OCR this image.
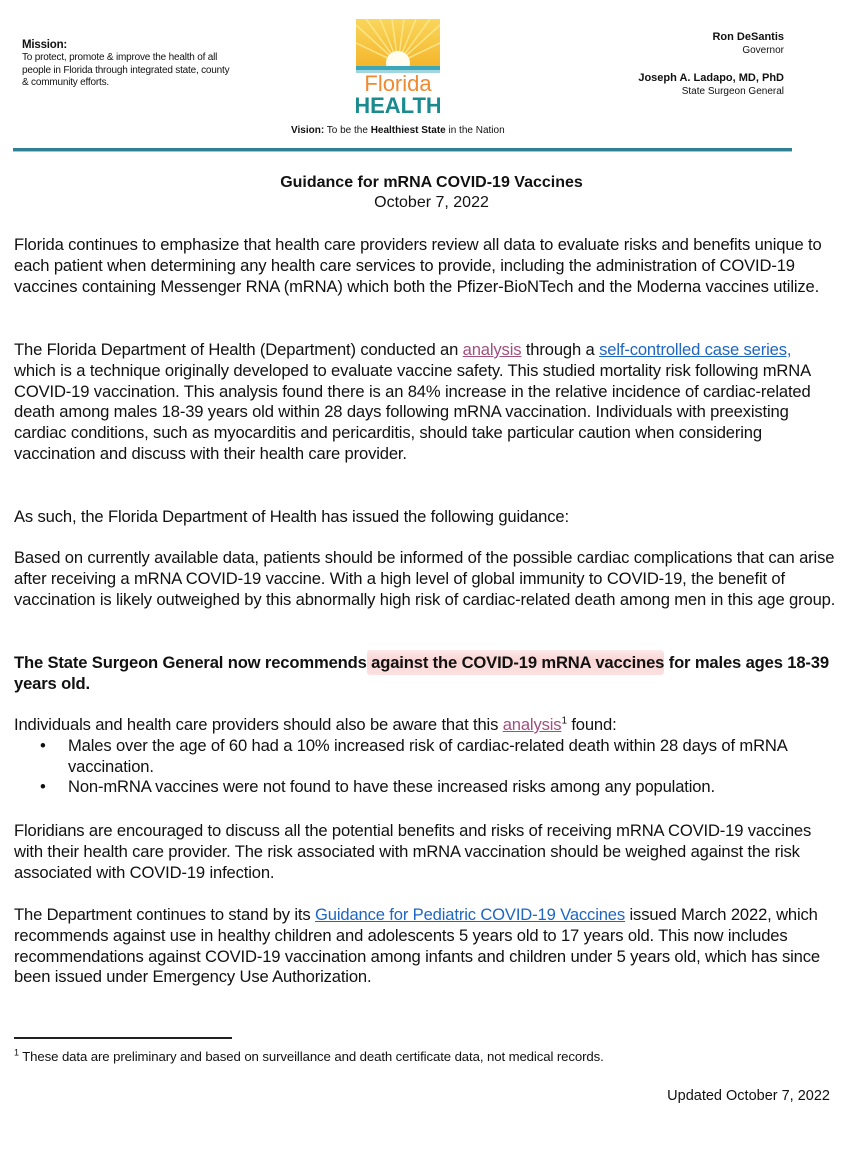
Mission:
To protect, promote & improve the health of all people in Florida through integrated state, county & community efforts.	Florida
HEALTH
Vision: To be the Healthiest State in the Nation
Ron DeSantis
Governor
Joseph A. Ladapo, MD, PhD
State Surgeon General
Guidance for mRNA COVID-19 Vaccines
October 7, 2022
Florida continues to emphasize that health care providers review all data to evaluate risks and benefits unique to each patient when determining any health care services to provide, including the administration of COVID-19 vaccines containing Messenger RNA (mRNA) which both the Pfizer-BioNTech and the Moderna vaccines utilize.
The Florida Department of Health (Department) conducted an analysis through a self-controlled case series, which is a technique originally developed to evaluate vaccine safety. This studied mortality risk following mRNA COVID-19 vaccination. This analysis found there is an 84% increase in the relative incidence of cardiac-related death among males 18-39 years old within 28 days following mRNA vaccination. Individuals with preexisting cardiac conditions, such as myocarditis and pericarditis, should take particular caution when considering vaccination and discuss with their health care provider.
As such, the Florida Department of Health has issued the following guidance:
Based on currently available data, patients should be informed of the possible cardiac complications that can arise after receiving a mRNA COVID-19 vaccine. With a high level of global immunity to COVID-19, the benefit of vaccination is likely outweighed by this abnormally high risk of cardiac-related death among men in this age group.
The State Surgeon General now recommends against the COVID-19 mRNA vaccines for males ages 18-39 years old.
Individuals and health care providers should also be aware that this analysis$^1$ found:
• Males over the age of 60 had a 10% increased risk of cardiac-related death within 28 days of mRNA vaccination.
• Non-mRNA vaccines were not found to have these increased risks among any population.
Floridians are encouraged to discuss all the potential benefits and risks of receiving mRNA COVID-19 vaccines with their health care provider. The risk associated with mRNA vaccination should be weighed against the risk associated with COVID-19 infection.
The Department continues to stand by its Guidance for Pediatric COVID-19 Vaccines issued March 2022, which recommends against use in healthy children and adolescents 5 years old to 17 years old. This now includes recommendations against COVID-19 vaccination among infants and children under 5 years old, which has since been issued under Emergency Use Authorization.
$^1$ These data are preliminary and based on surveillance and death certificate data, not medical records.
Updated October 7, 2022
